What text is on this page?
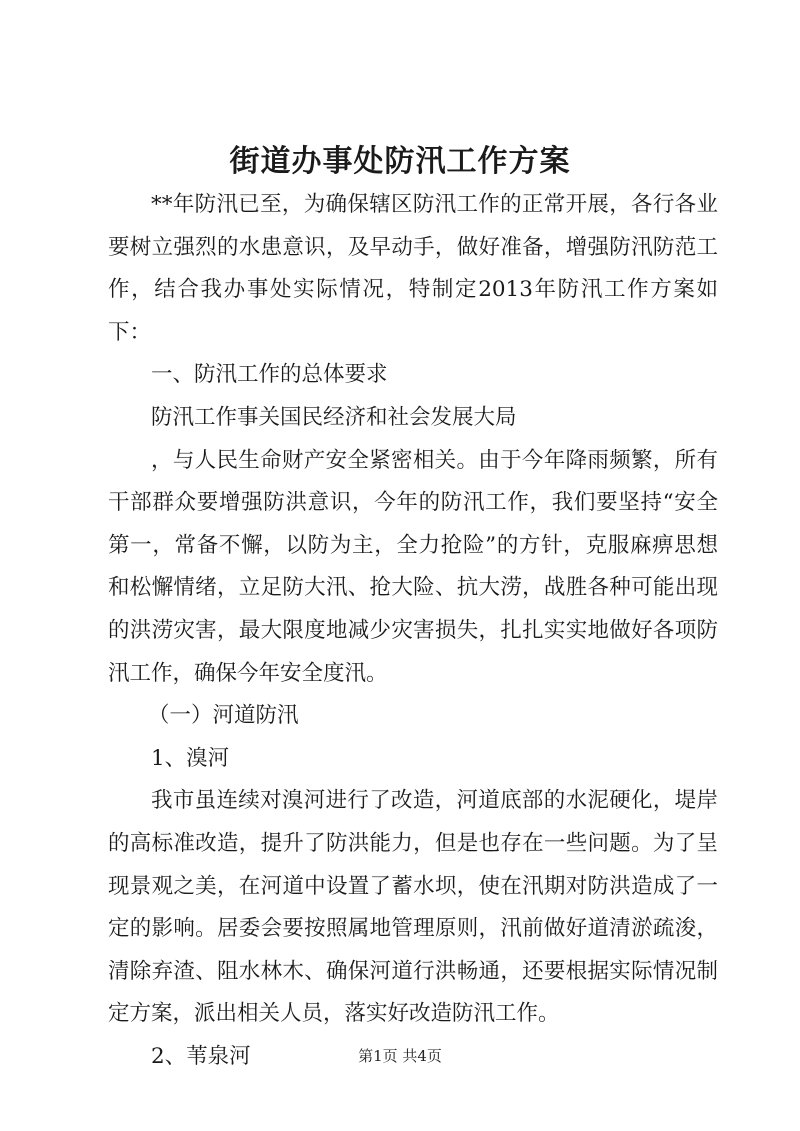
街道办事处防汛工作方案

**年防汛已至，为确保辖区防汛工作的正常开展，各行各业要树立强烈的水患意识，及早动手，做好准备，增强防汛防范工作，结合我办事处实际情况，特制定2013年防汛工作方案如下：

一、防汛工作的总体要求

防汛工作事关国民经济和社会发展大局

，与人民生命财产安全紧密相关。由于今年降雨频繁，所有干部群众要增强防洪意识，今年的防汛工作，我们要坚持“安全第一，常备不懈，以防为主，全力抢险”的方针，克服麻痹思想和松懈情绪，立足防大汛、抢大险、抗大涝，战胜各种可能出现的洪涝灾害，最大限度地减少灾害损失，扎扎实实地做好各项防汛工作，确保今年安全度汛。

（一）河道防汛

1、溴河

我市虽连续对溴河进行了改造，河道底部的水泥硬化，堤岸的高标准改造，提升了防洪能力，但是也存在一些问题。为了呈现景观之美，在河道中设置了蓄水坝，使在汛期对防洪造成了一定的影响。居委会要按照属地管理原则，汛前做好道清淤疏浚，清除弃渣、阻水林木、确保河道行洪畅通，还要根据实际情况制定方案，派出相关人员，落实好改造防汛工作。

2、苇泉河	第1页 共4页
